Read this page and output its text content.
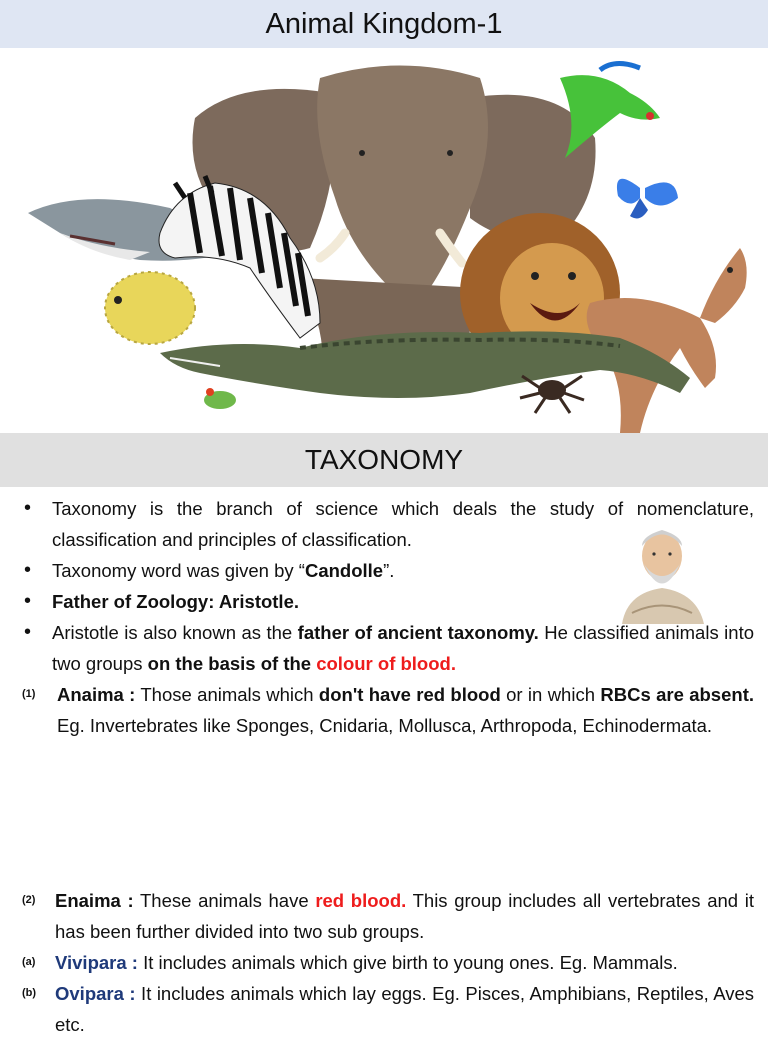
Animal Kingdom-1
TAXONOMY
• Taxonomy is the branch of science which deals the study of nomenclature, classification and principles of classification.
• Taxonomy word was given by “Candolle”.
• Father of Zoology: Aristotle.
• Aristotle is also known as the father of ancient taxonomy. He classified animals into two groups on the basis of the colour of blood.
(1) Anaima : Those animals which don't have red blood or in which RBCs are absent. Eg. Invertebrates like Sponges, Cnidaria, Mollusca, Arthropoda, Echinodermata.
(2) Enaima : These animals have red blood. This group includes all vertebrates and it has been further divided into two sub groups.
(a) Vivipara : It includes animals which give birth to young ones. Eg. Mammals.
(b) Ovipara : It includes animals which lay eggs. Eg. Pisces, Amphibians, Reptiles, Aves etc.
